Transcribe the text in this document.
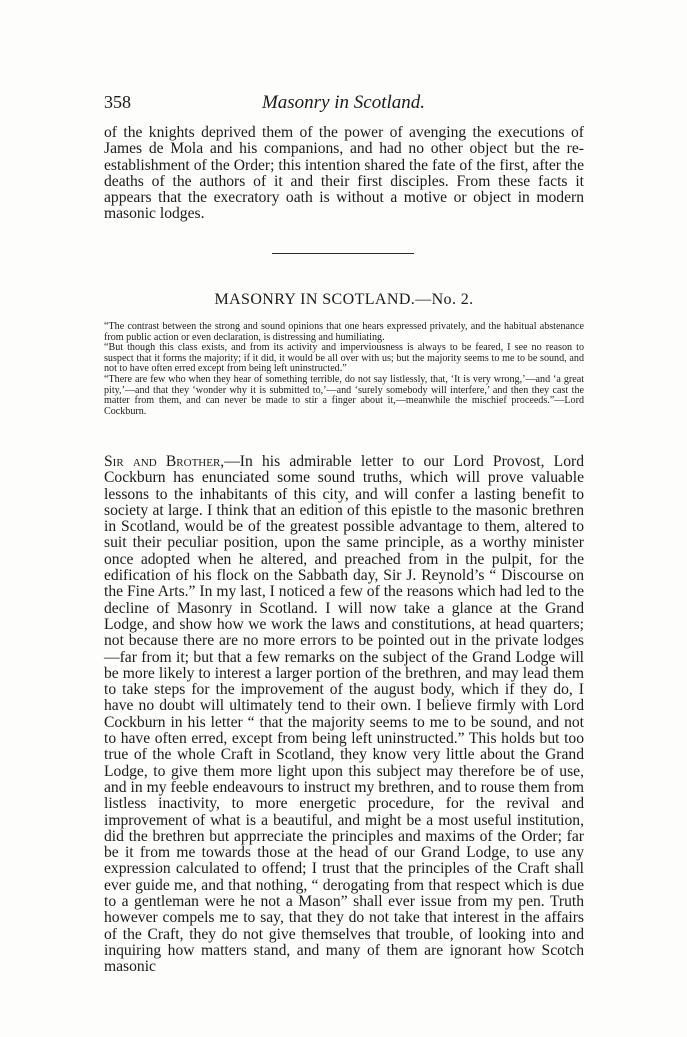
358	Masonry in Scotland.

of the knights deprived them of the power of avenging the executions of James de Mola and his companions, and had no other object but the re-establishment of the Order; this intention shared the fate of the first, after the deaths of the authors of it and their first disciples. From these facts it appears that the execratory oath is without a motive or object in modern masonic lodges.

MASONRY IN SCOTLAND.—No. 2.

“The contrast between the strong and sound opinions that one hears expressed privately, and the habitual abstenance from public action or even declaration, is distressing and humiliating.

“But though this class exists, and from its activity and imperviousness is always to be feared, I see no reason to suspect that it forms the majority; if it did, it would be all over with us; but the majority seems to me to be sound, and not to have often erred except from being left uninstructed.”

“There are few who when they hear of something terrible, do not say listlessly, that, ‘It is very wrong,’—and ‘a great pity,’—and that they ‘wonder why it is submitted to,’—and ‘surely somebody will interfere,’ and then they cast the matter from them, and can never be made to stir a finger about it,—meanwhile the mischief proceeds.”—Lord Cockburn.

Sir and Brother,—In his admirable letter to our Lord Provost, Lord Cockburn has enunciated some sound truths, which will prove valuable lessons to the inhabitants of this city, and will confer a lasting benefit to society at large. I think that an edition of this epistle to the masonic brethren in Scotland, would be of the greatest possible advantage to them, altered to suit their peculiar position, upon the same principle, as a worthy minister once adopted when he altered, and preached from in the pulpit, for the edification of his flock on the Sabbath day, Sir J. Reynold’s “ Discourse on the Fine Arts.” In my last, I noticed a few of the reasons which had led to the decline of Masonry in Scotland. I will now take a glance at the Grand Lodge, and show how we work the laws and constitutions, at head quarters; not because there are no more errors to be pointed out in the private lodges—far from it; but that a few remarks on the subject of the Grand Lodge will be more likely to interest a larger portion of the brethren, and may lead them to take steps for the improvement of the august body, which if they do, I have no doubt will ultimately tend to their own. I believe firmly with Lord Cockburn in his letter “ that the majority seems to me to be sound, and not to have often erred, except from being left uninstructed.” This holds but too true of the whole Craft in Scotland, they know very little about the Grand Lodge, to give them more light upon this subject may therefore be of use, and in my feeble endeavours to instruct my brethren, and to rouse them from listless inactivity, to more energetic procedure, for the revival and improvement of what is a beautiful, and might be a most useful institution, did the brethren but apprreciate the principles and maxims of the Order; far be it from me towards those at the head of our Grand Lodge, to use any expression calculated to offend; I trust that the principles of the Craft shall ever guide me, and that nothing, “ derogating from that respect which is due to a gentleman were he not a Mason” shall ever issue from my pen. Truth however compels me to say, that they do not take that interest in the affairs of the Craft, they do not give themselves that trouble, of looking into and inquiring how matters stand, and many of them are ignorant how Scotch masonic
